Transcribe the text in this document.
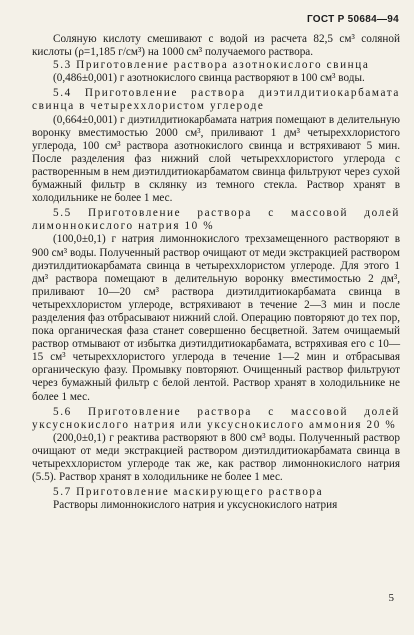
ГОСТ Р 50684—94

Соляную кислоту смешивают с водой из расчета 82,5 см³ соляной кислоты (ρ=1,185 г/см³) на 1000 см³ получаемого раствора.

5.3 Приготовление раствора азотнокислого свинца

(0,486±0,001) г азотнокислого свинца растворяют в 100 см³ воды.

5.4 Приготовление раствора диэтилдитиокарбамата свинца в четыреххлористом углероде

(0,664±0,001) г диэтилдитиокарбамата натрия помещают в делительную воронку вместимостью 2000 см³, приливают 1 дм³ четыреххлористого углерода, 100 см³ раствора азотнокислого свинца и встряхивают 5 мин. После разделения фаз нижний слой четыреххлористого углерода с растворенным в нем диэтилдитиокарбаматом свинца фильтруют через сухой бумажный фильтр в склянку из темного стекла. Раствор хранят в холодильнике не более 1 мес.

5.5 Приготовление раствора с массовой долей лимоннокислого натрия 10 %

(100,0±0,1) г натрия лимоннокислого трехзамещенного растворяют в 900 см³ воды. Полученный раствор очищают от меди экстракцией раствором диэтилдитиокарбамата свинца в четыреххлористом углероде. Для этого 1 дм³ раствора помещают в делительную воронку вместимостью 2 дм³, приливают 10—20 см³ раствора диэтилдитиокарбамата свинца в четыреххлористом углероде, встряхивают в течение 2—3 мин и после разделения фаз отбрасывают нижний слой. Операцию повторяют до тех пор, пока органическая фаза станет совершенно бесцветной. Затем очищаемый раствор отмывают от избытка диэтилдитиокарбамата, встряхивая его с 10—15 см³ четыреххлористого углерода в течение 1—2 мин и отбрасывая органическую фазу. Промывку повторяют. Очищенный раствор фильтруют через бумажный фильтр с белой лентой. Раствор хранят в холодильнике не более 1 мес.

5.6 Приготовление раствора с массовой долей уксуснокислого натрия или уксуснокислого аммония 20 %

(200,0±0,1) г реактива растворяют в 800 см³ воды. Полученный раствор очищают от меди экстракцией раствором диэтилдитиокарбамата свинца в четыреххлористом углероде так же, как раствор лимоннокислого натрия (5.5). Раствор хранят в холодильнике не более 1 мес.

5.7 Приготовление маскирующего раствора

Растворы лимоннокислого натрия и уксуснокислого натрия

5
